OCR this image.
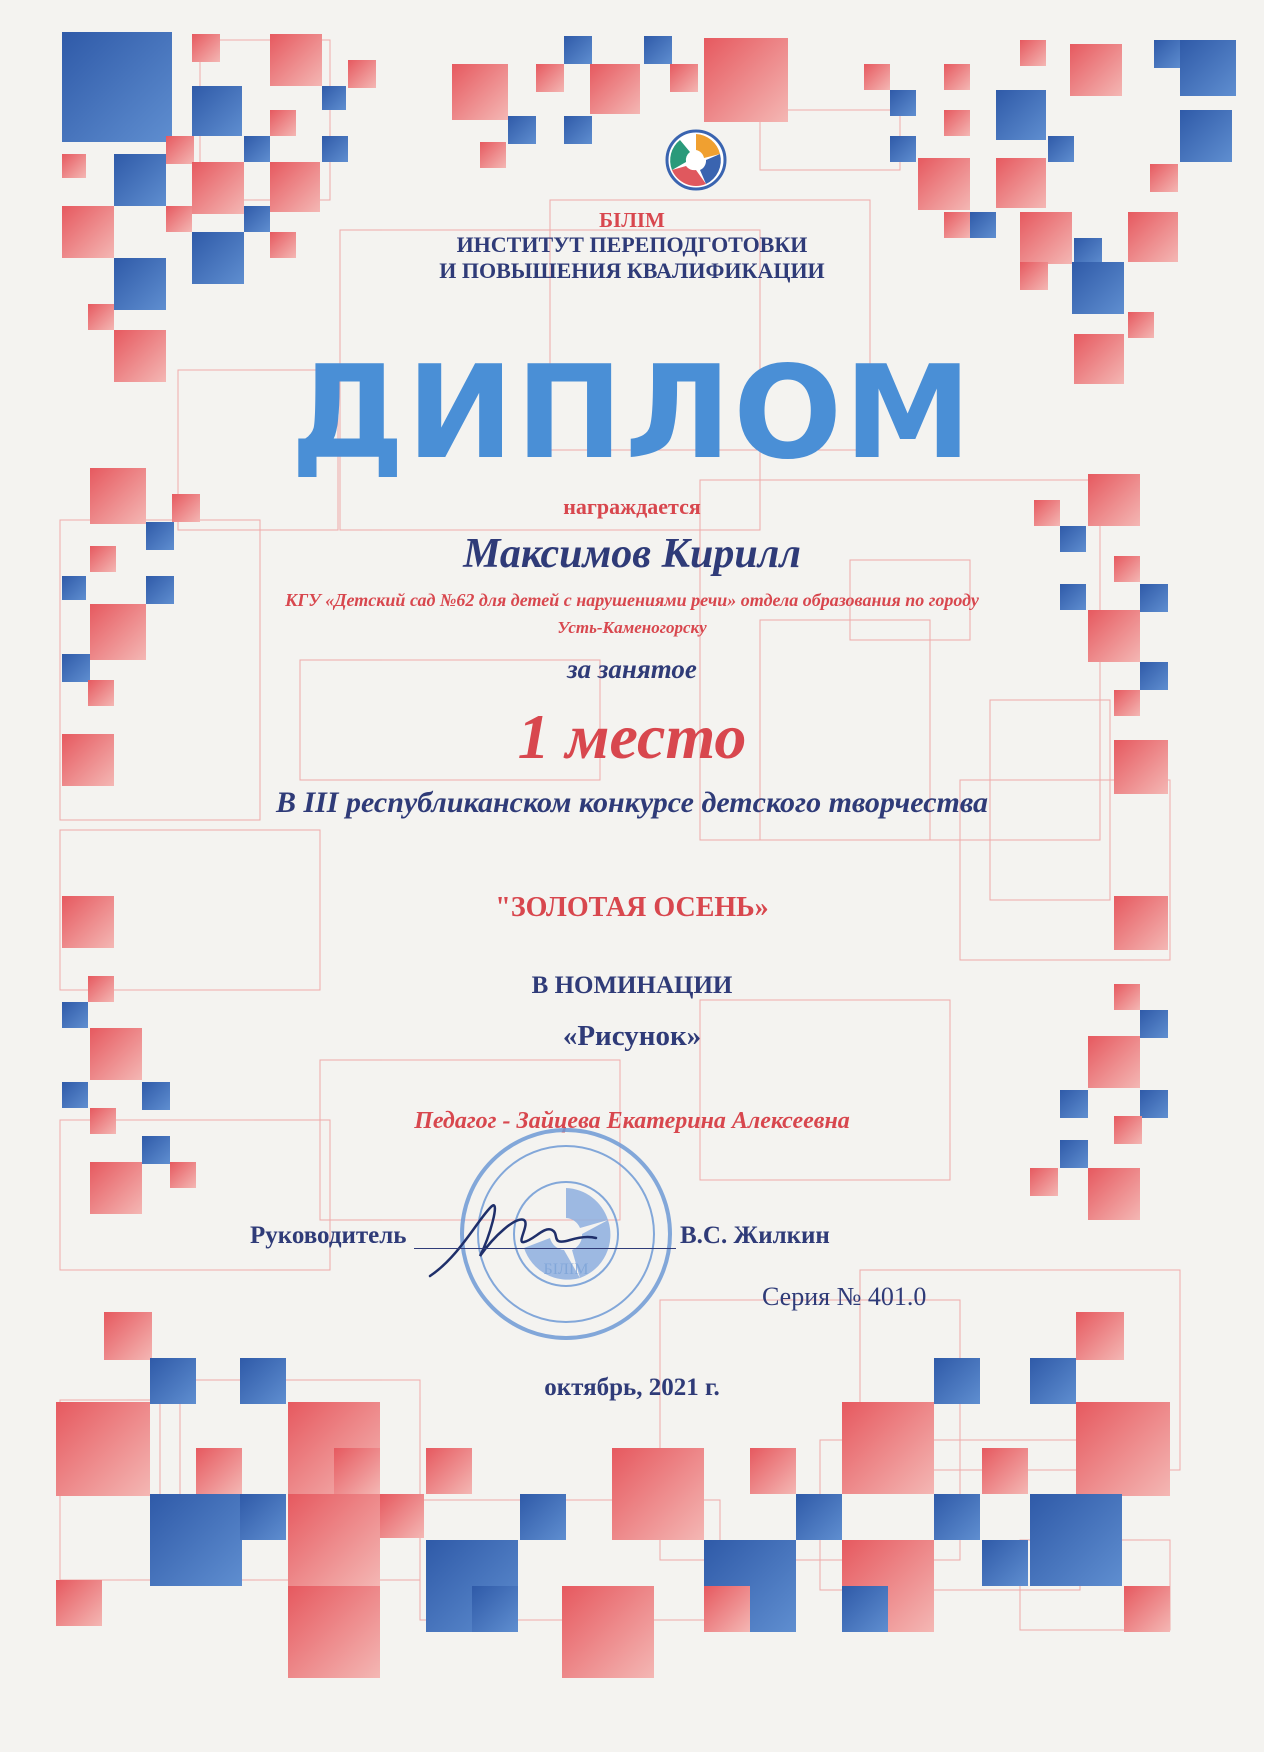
БІЛІМ

ИНСТИТУТ ПЕРЕПОДГОТОВКИ

И ПОВЫШЕНИЯ КВАЛИФИКАЦИИ

ДИПЛОМ

награждается

Максимов Кирилл

КГУ «Детский сад №62 для детей с нарушениями речи» отдела образования по городу

Усть-Каменогорску

за занятое

1 место

В III республиканском конкурсе детского творчества

"ЗОЛОТАЯ ОСЕНЬ»

В НОМИНАЦИИ

«Рисунок»

Педагог - Зайцева Екатерина Алексеевна

БІЛІМ

Руководитель	В.С. Жилкин

Серия № 401.0

октябрь, 2021 г.
